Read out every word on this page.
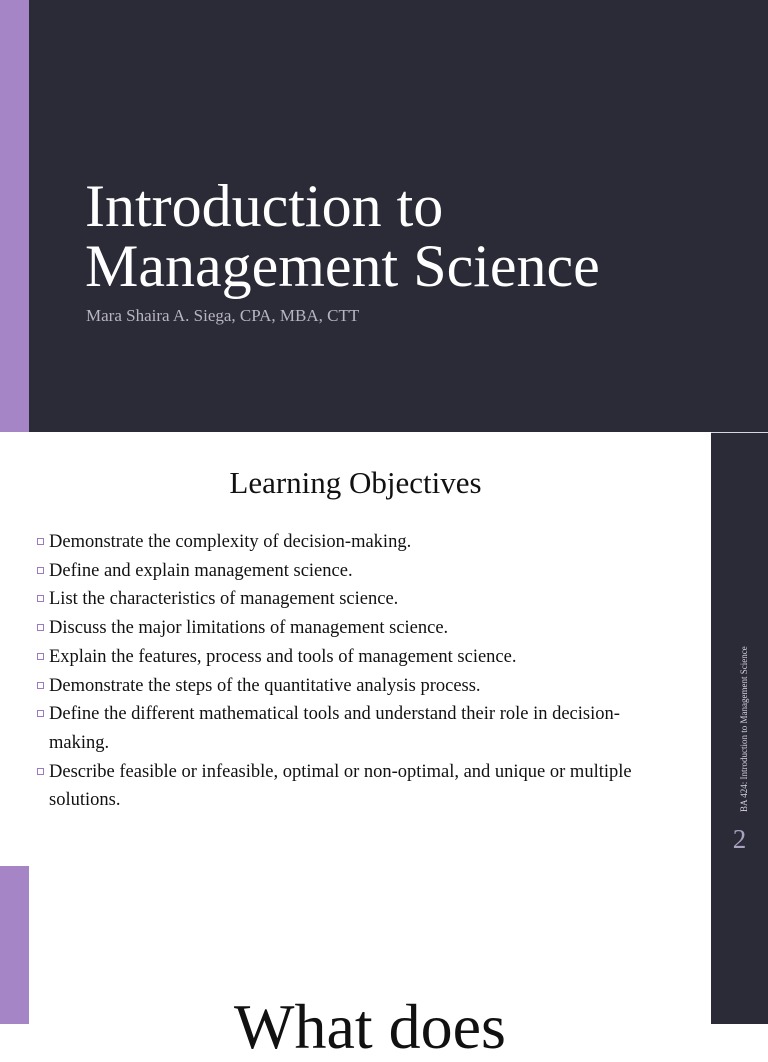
Introduction to
Management Science

Mara Shaira A. Siega, CPA, MBA, CTT

Learning Objectives
Demonstrate the complexity of decision-making.
Define and explain management science.
List the characteristics of management science.
Discuss the major limitations of management science.
Explain the features, process and tools of management science.
Demonstrate the steps of the quantitative analysis process.
Define the different mathematical tools and understand their role in decision-making.
Describe feasible or infeasible, optimal or non-optimal, and unique or multiple solutions.	BA 424: Introduction to Management Science
2
What does
